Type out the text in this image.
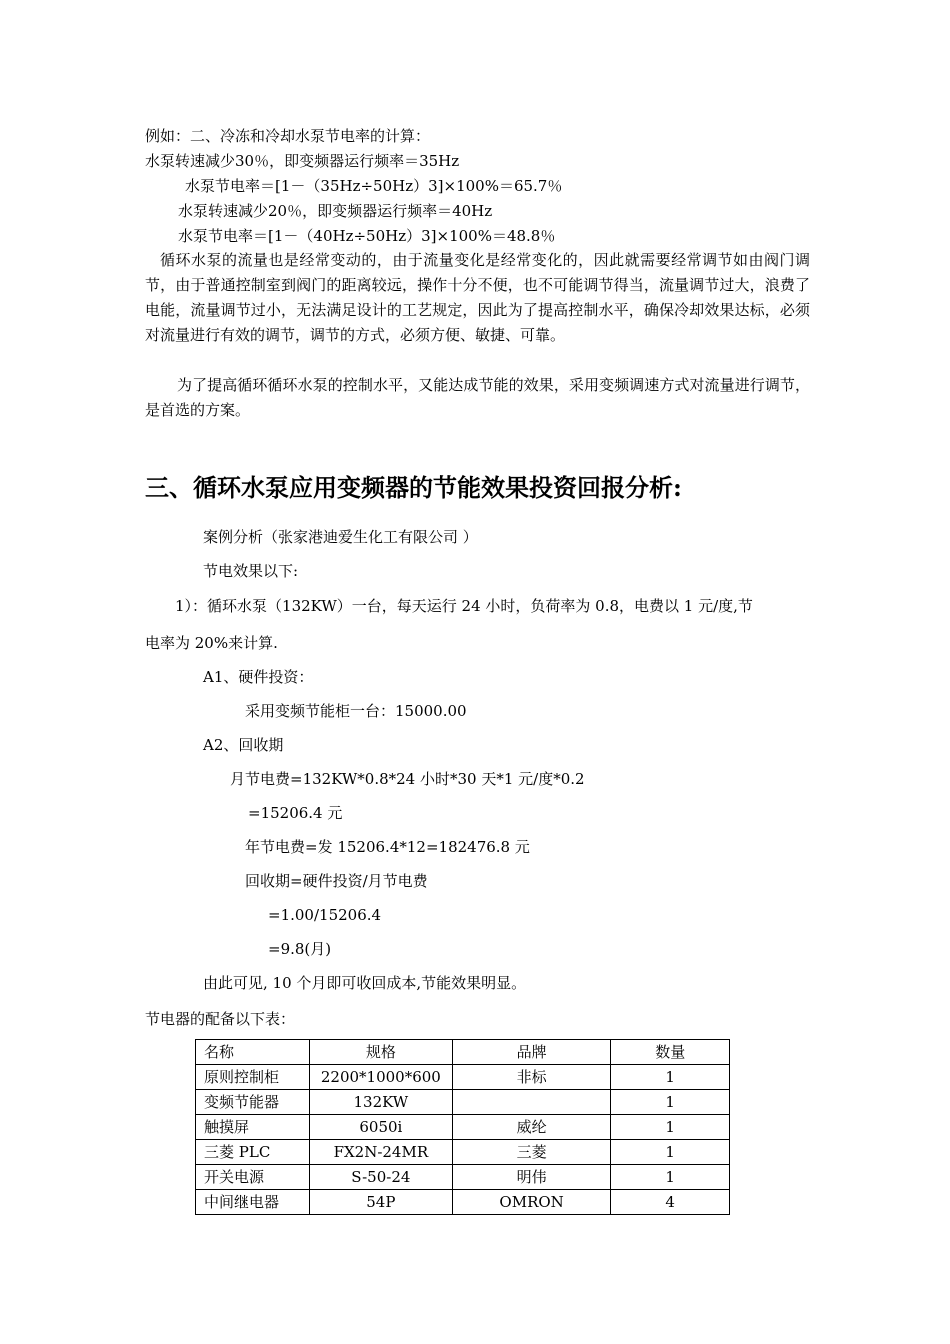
例如：二、冷冻和冷却水泵节电率的计算：
水泵转速减少30％，即变频器运行频率＝35Hz
水泵节电率＝[1－（35Hz÷50Hz）3]×100%＝65.7％
水泵转速减少20％，即变频器运行频率＝40Hz
水泵节电率＝[1－（40Hz÷50Hz）3]×100%＝48.8％
循环水泵的流量也是经常变动的，由于流量变化是经常变化的，因此就需要经常调节如由阀门调节，由于普通控制室到阀门的距离较远，操作十分不便，也不可能调节得当，流量调节过大，浪费了电能，流量调节过小，无法满足设计的工艺规定，因此为了提高控制水平，确保冷却效果达标，必须对流量进行有效的调节，调节的方式，必须方便、敏捷、可靠。
为了提高循环循环水泵的控制水平，又能达成节能的效果，采用变频调速方式对流量进行调节，是首选的方案。
三、循环水泵应用变频器的节能效果投资回报分析:
案例分析（张家港迪爱生化工有限公司 ）
节电效果以下:
1）：循环水泵（132KW）一台，每天运行 24 小时，负荷率为 0.8，电费以 1 元/度,节
电率为 20%来计算.
A1、硬件投资：
采用变频节能柜一台：15000.00
A2、回收期
月节电费=132KW*0.8*24 小时*30 天*1 元/度*0.2
=15206.4 元
年节电费=发 15206.4*12=182476.8 元
回收期=硬件投资/月节电费
=1.00/15206.4
=9.8(月)
由此可见, 10 个月即可收回成本,节能效果明显。
节电器的配备以下表：
名称	规格	品牌	数量
原则控制柜	2200*1000*600	非标	1
变频节能器	132KW		1
触摸屏	6050i	威纶	1
三菱 PLC	FX2N-24MR	三菱	1
开关电源	S-50-24	明伟	1
中间继电器	54P	OMRON	4
